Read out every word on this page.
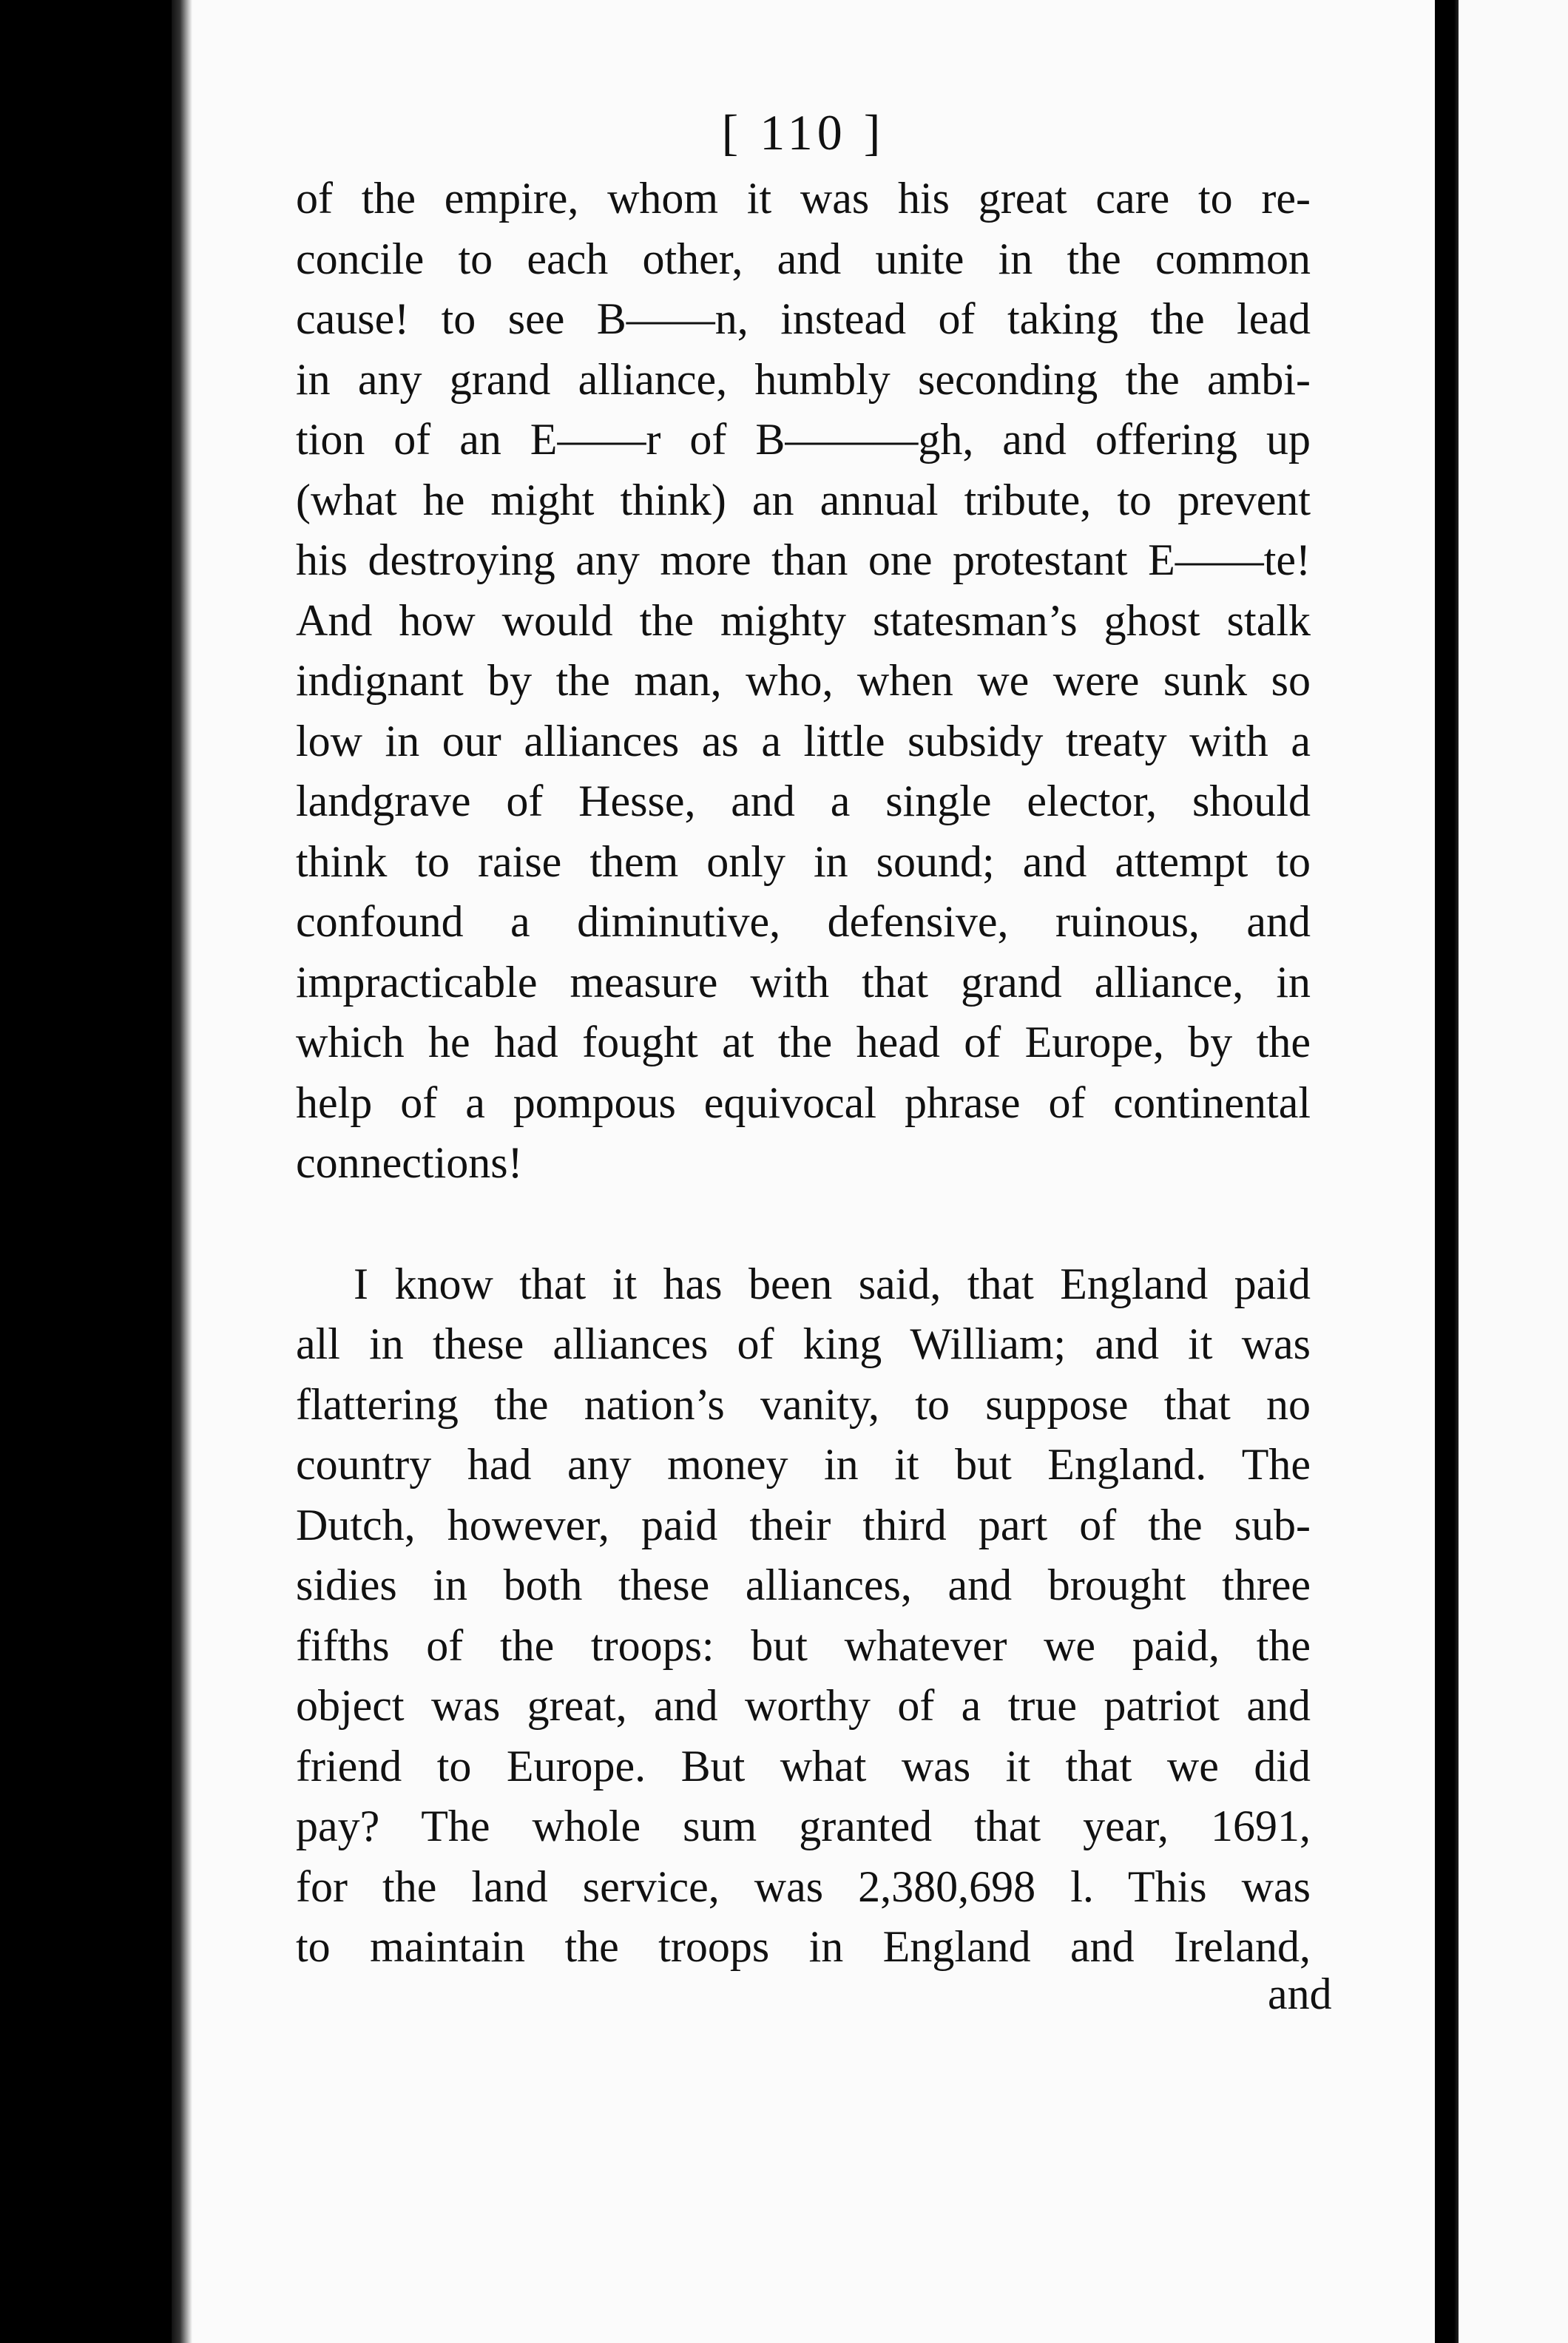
[ 110 ]
of the empire, whom it was his great care to re-
concile to each other, and unite in the common
cause! to see B——n, instead of taking the lead
in any grand alliance, humbly seconding the ambi-
tion of an E——r of B———gh, and offering up
(what he might think) an annual tribute, to prevent
his destroying any more than one protestant E——te!
And how would the mighty statesman’s ghost stalk
indignant by the man, who, when we were sunk so
low in our alliances as a little subsidy treaty with a
landgrave of Hesse, and a single elector, should
think to raise them only in sound; and attempt to
confound a diminutive, defensive, ruinous, and
impracticable measure with that grand alliance, in
which he had fought at the head of Europe, by the
help of a pompous equivocal phrase of continental
connections!
I know that it has been said, that England paid
all in these alliances of king William; and it was
flattering the nation’s vanity, to suppose that no
country had any money in it but England. The
Dutch, however, paid their third part of the sub-
sidies in both these alliances, and brought three
fifths of the troops: but whatever we paid, the
object was great, and worthy of a true patriot and
friend to Europe. But what was it that we did
pay? The whole sum granted that year, 1691,
for the land service, was 2,380,698 l. This was
to maintain the troops in England and Ireland,
and
